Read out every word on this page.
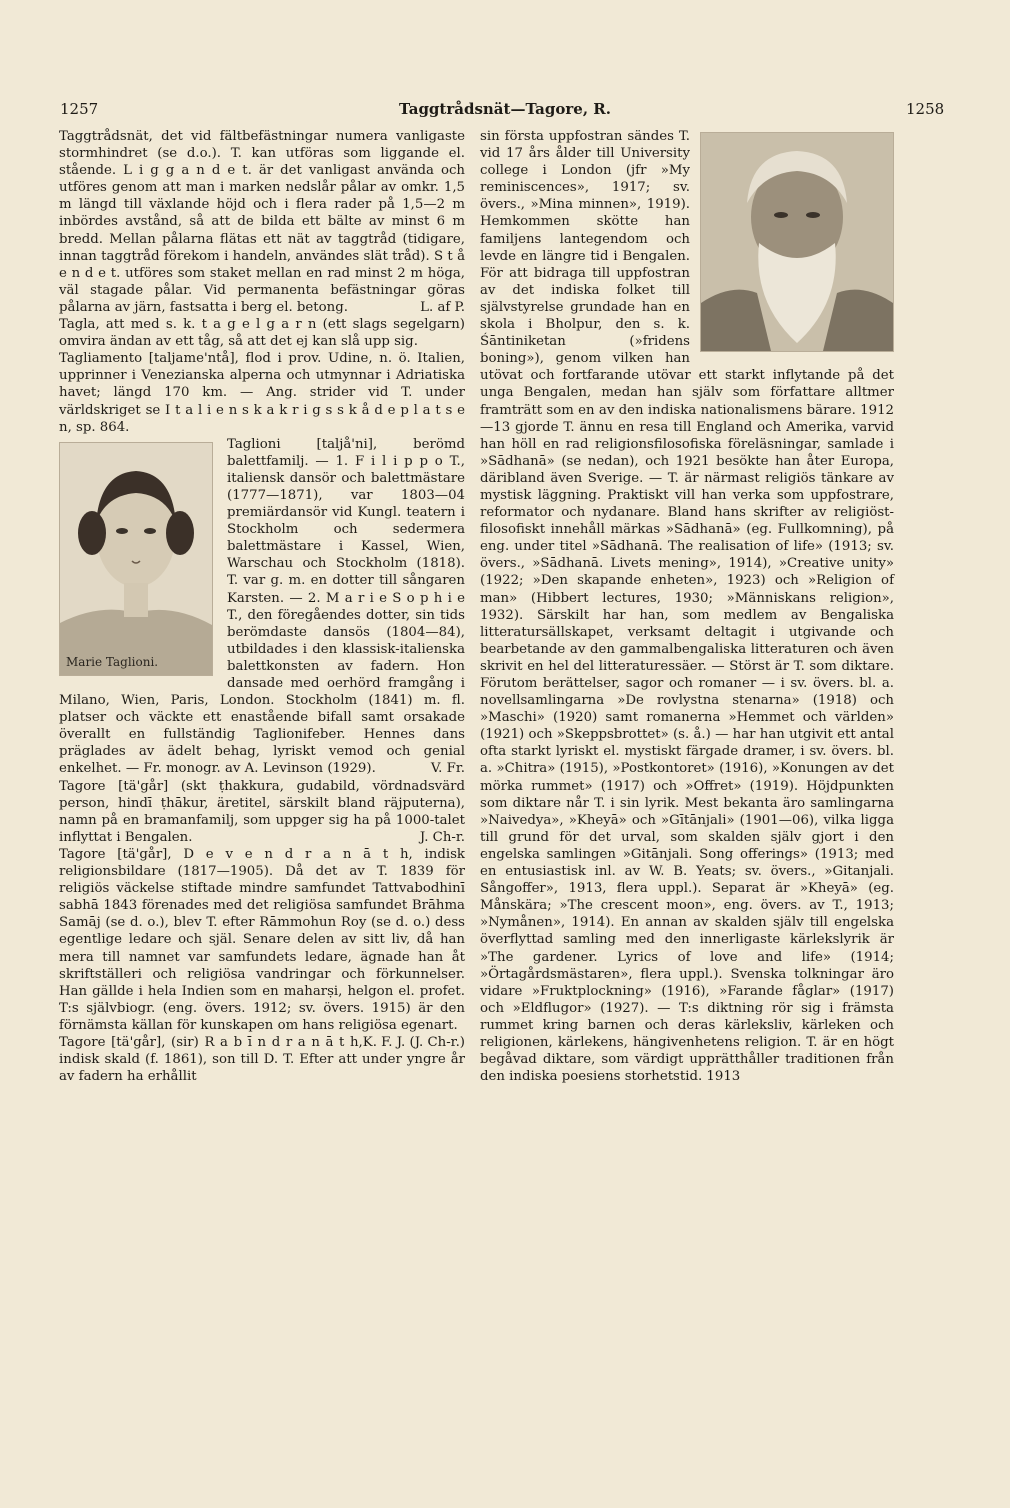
1257	Taggtrådsnät—Tagore, R.	1258

Taggtrådsnät, det vid fältbefästningar numera vanligaste stormhindret (se d.o.). T. kan utföras som liggande el. stående. L i g g a n d e t. är det vanligast använda och utföres genom att man i marken nedslår pålar av omkr. 1,5 m längd till växlande höjd och i flera rader på 1,5—2 m inbördes avstånd, så att de bilda ett bälte av minst 6 m bredd. Mellan pålarna flätas ett nät av taggtråd (tidigare, innan taggtråd förekom i handeln, användes slät tråd). S t å e n d e t. utföres som staket mellan en rad minst 2 m höga, väl stagade pålar. Vid permanenta befästningar göras pålarna av järn, fastsatta i berg el. betong.	L. af P.

Tagla, att med s. k. t a g e l g a r n (ett slags segelgarn) omvira ändan av ett tåg, så att det ej kan slå upp sig.

Tagliamento [taljame'ntå], flod i prov. Udine, n. ö. Italien, upprinner i Venezianska alperna och utmynnar i Adriatiska havet; längd 170 km. — Ang. strider vid T. under världskriget se I t a l i e n s k a k r i g s s k å d e p l a t s e n, sp. 864.

Marie Taglioni.
Taglioni [taljå'ni], berömd balettfamilj. — 1. F i l i p p o T., italiensk dansör och balettmästare (1777—1871), var 1803—04 premiärdansör vid Kungl. teatern i Stockholm och sedermera balettmästare i Kassel, Wien, Warschau och Stockholm (1818). T. var g. m. en dotter till sångaren Karsten. — 2. M a r i e S o p h i e T., den föregåendes dotter, sin tids berömdaste dansös (1804—84), utbildades i den klassisk-italienska balettkonsten av fadern. Hon dansade med oerhörd framgång i Milano, Wien, Paris, London. Stockholm (1841) m. fl. platser och väckte ett enastående bifall samt orsakade överallt en fullständig Taglionifeber. Hennes dans präglades av ädelt behag, lyriskt vemod och genial enkelhet. — Fr. monogr. av A. Levinson (1929).	V. Fr.

Tagore [tä'går] (skt ṭhakkura, gudabild, vördnadsvärd person, hindī ṭhākur, äretitel, särskilt bland räjputerna), namn på en bramanfamilj, som uppger sig ha på 1000-talet inflyttat i Bengalen.	J. Ch-r.

Tagore [tä'går], D e v e n d r a n ā t h, indisk religionsbildare (1817—1905). Då det av T. 1839 för religiös väckelse stiftade mindre samfundet Tattvabodhinī sabhā 1843 förenades med det religiösa samfundet Brāhma Samāj (se d. o.), blev T. efter Rāmmohun Roy (se d. o.) dess egentlige ledare och själ. Senare delen av sitt liv, då han mera till namnet var samfundets ledare, ägnade han åt skriftställeri och religiösa vandringar och förkunnelser. Han gällde i hela Indien som en maharṣi, helgon el. profet. T:s självbiogr. (eng. övers. 1912; sv. övers. 1915) är den förnämsta källan för kunskapen om hans religiösa egenart.
K. F. J. (J. Ch-r.)

Tagore [tä'går], (sir) R a b ī n d r a n ā t h, indisk skald (f. 1861), son till D. T. Efter att under yngre år av fadern ha erhållit

sin första uppfostran sändes T. vid 17 års ålder till University college i London (jfr »My reminiscences», 1917; sv. övers., »Mina minnen», 1919). Hemkommen skötte han familjens lantegendom och levde en längre tid i Bengalen. För att bidraga till uppfostran av det indiska folket till självstyrelse grundade han en skola i Bholpur, den s. k. Śāntiniketan (»fridens boning»), genom vilken han utövat och fortfarande utövar ett starkt inflytande på det unga Bengalen, medan han själv som författare alltmer framträtt som en av den indiska nationalismens bärare. 1912—13 gjorde T. ännu en resa till England och Amerika, varvid han höll en rad religionsfilosofiska föreläsningar, samlade i »Sādhanā» (se nedan), och 1921 besökte han åter Europa, däribland även Sverige. — T. är närmast religiös tänkare av mystisk läggning. Praktiskt vill han verka som uppfostrare, reformator och nydanare. Bland hans skrifter av religiöst-filosofiskt innehåll märkas »Sādhanā» (eg. Fullkomning), på eng. under titel »Sādhanā. The realisation of life» (1913; sv. övers., »Sādhanā. Livets mening», 1914), »Creative unity» (1922; »Den skapande enheten», 1923) och »Religion of man» (Hibbert lectures, 1930; »Människans religion», 1932). Särskilt har han, som medlem av Bengaliska litteratursällskapet, verksamt deltagit i utgivande och bearbetande av den gammalbengaliska litteraturen och även skrivit en hel del litteraturessäer. — Störst är T. som diktare. Förutom berättelser, sagor och romaner — i sv. övers. bl. a. novellsamlingarna »De rovlystna stenarna» (1918) och »Maschi» (1920) samt romanerna »Hemmet och världen» (1921) och »Skeppsbrottet» (s. å.) — har han utgivit ett antal ofta starkt lyriskt el. mystiskt färgade dramer, i sv. övers. bl. a. »Chitra» (1915), »Postkontoret» (1916), »Konungen av det mörka rummet» (1917) och »Offret» (1919). Höjdpunkten som diktare når T. i sin lyrik. Mest bekanta äro samlingarna »Naivedya», »Kheyā» och »Gītānjali» (1901—06), vilka ligga till grund för det urval, som skalden själv gjort i den engelska samlingen »Gitānjali. Song offerings» (1913; med en entusiastisk inl. av W. B. Yeats; sv. övers., »Gitanjali. Sångoffer», 1913, flera uppl.). Separat är »Kheyā» (eg. Månskära; »The crescent moon», eng. övers. av T., 1913; »Nymånen», 1914). En annan av skalden själv till engelska överflyttad samling med den innerligaste kärlekslyrik är »The gardener. Lyrics of love and life» (1914; »Örtagårdsmästaren», flera uppl.). Svenska tolkningar äro vidare »Fruktplockning» (1916), »Farande fåglar» (1917) och »Eldflugor» (1927). — T:s diktning rör sig i främsta rummet kring barnen och deras kärleksliv, kärleken och religionen, kärlekens, hängivenhetens religion. T. är en högt begåvad diktare, som värdigt upprätthåller traditionen från den indiska poesiens storhetstid. 1913
